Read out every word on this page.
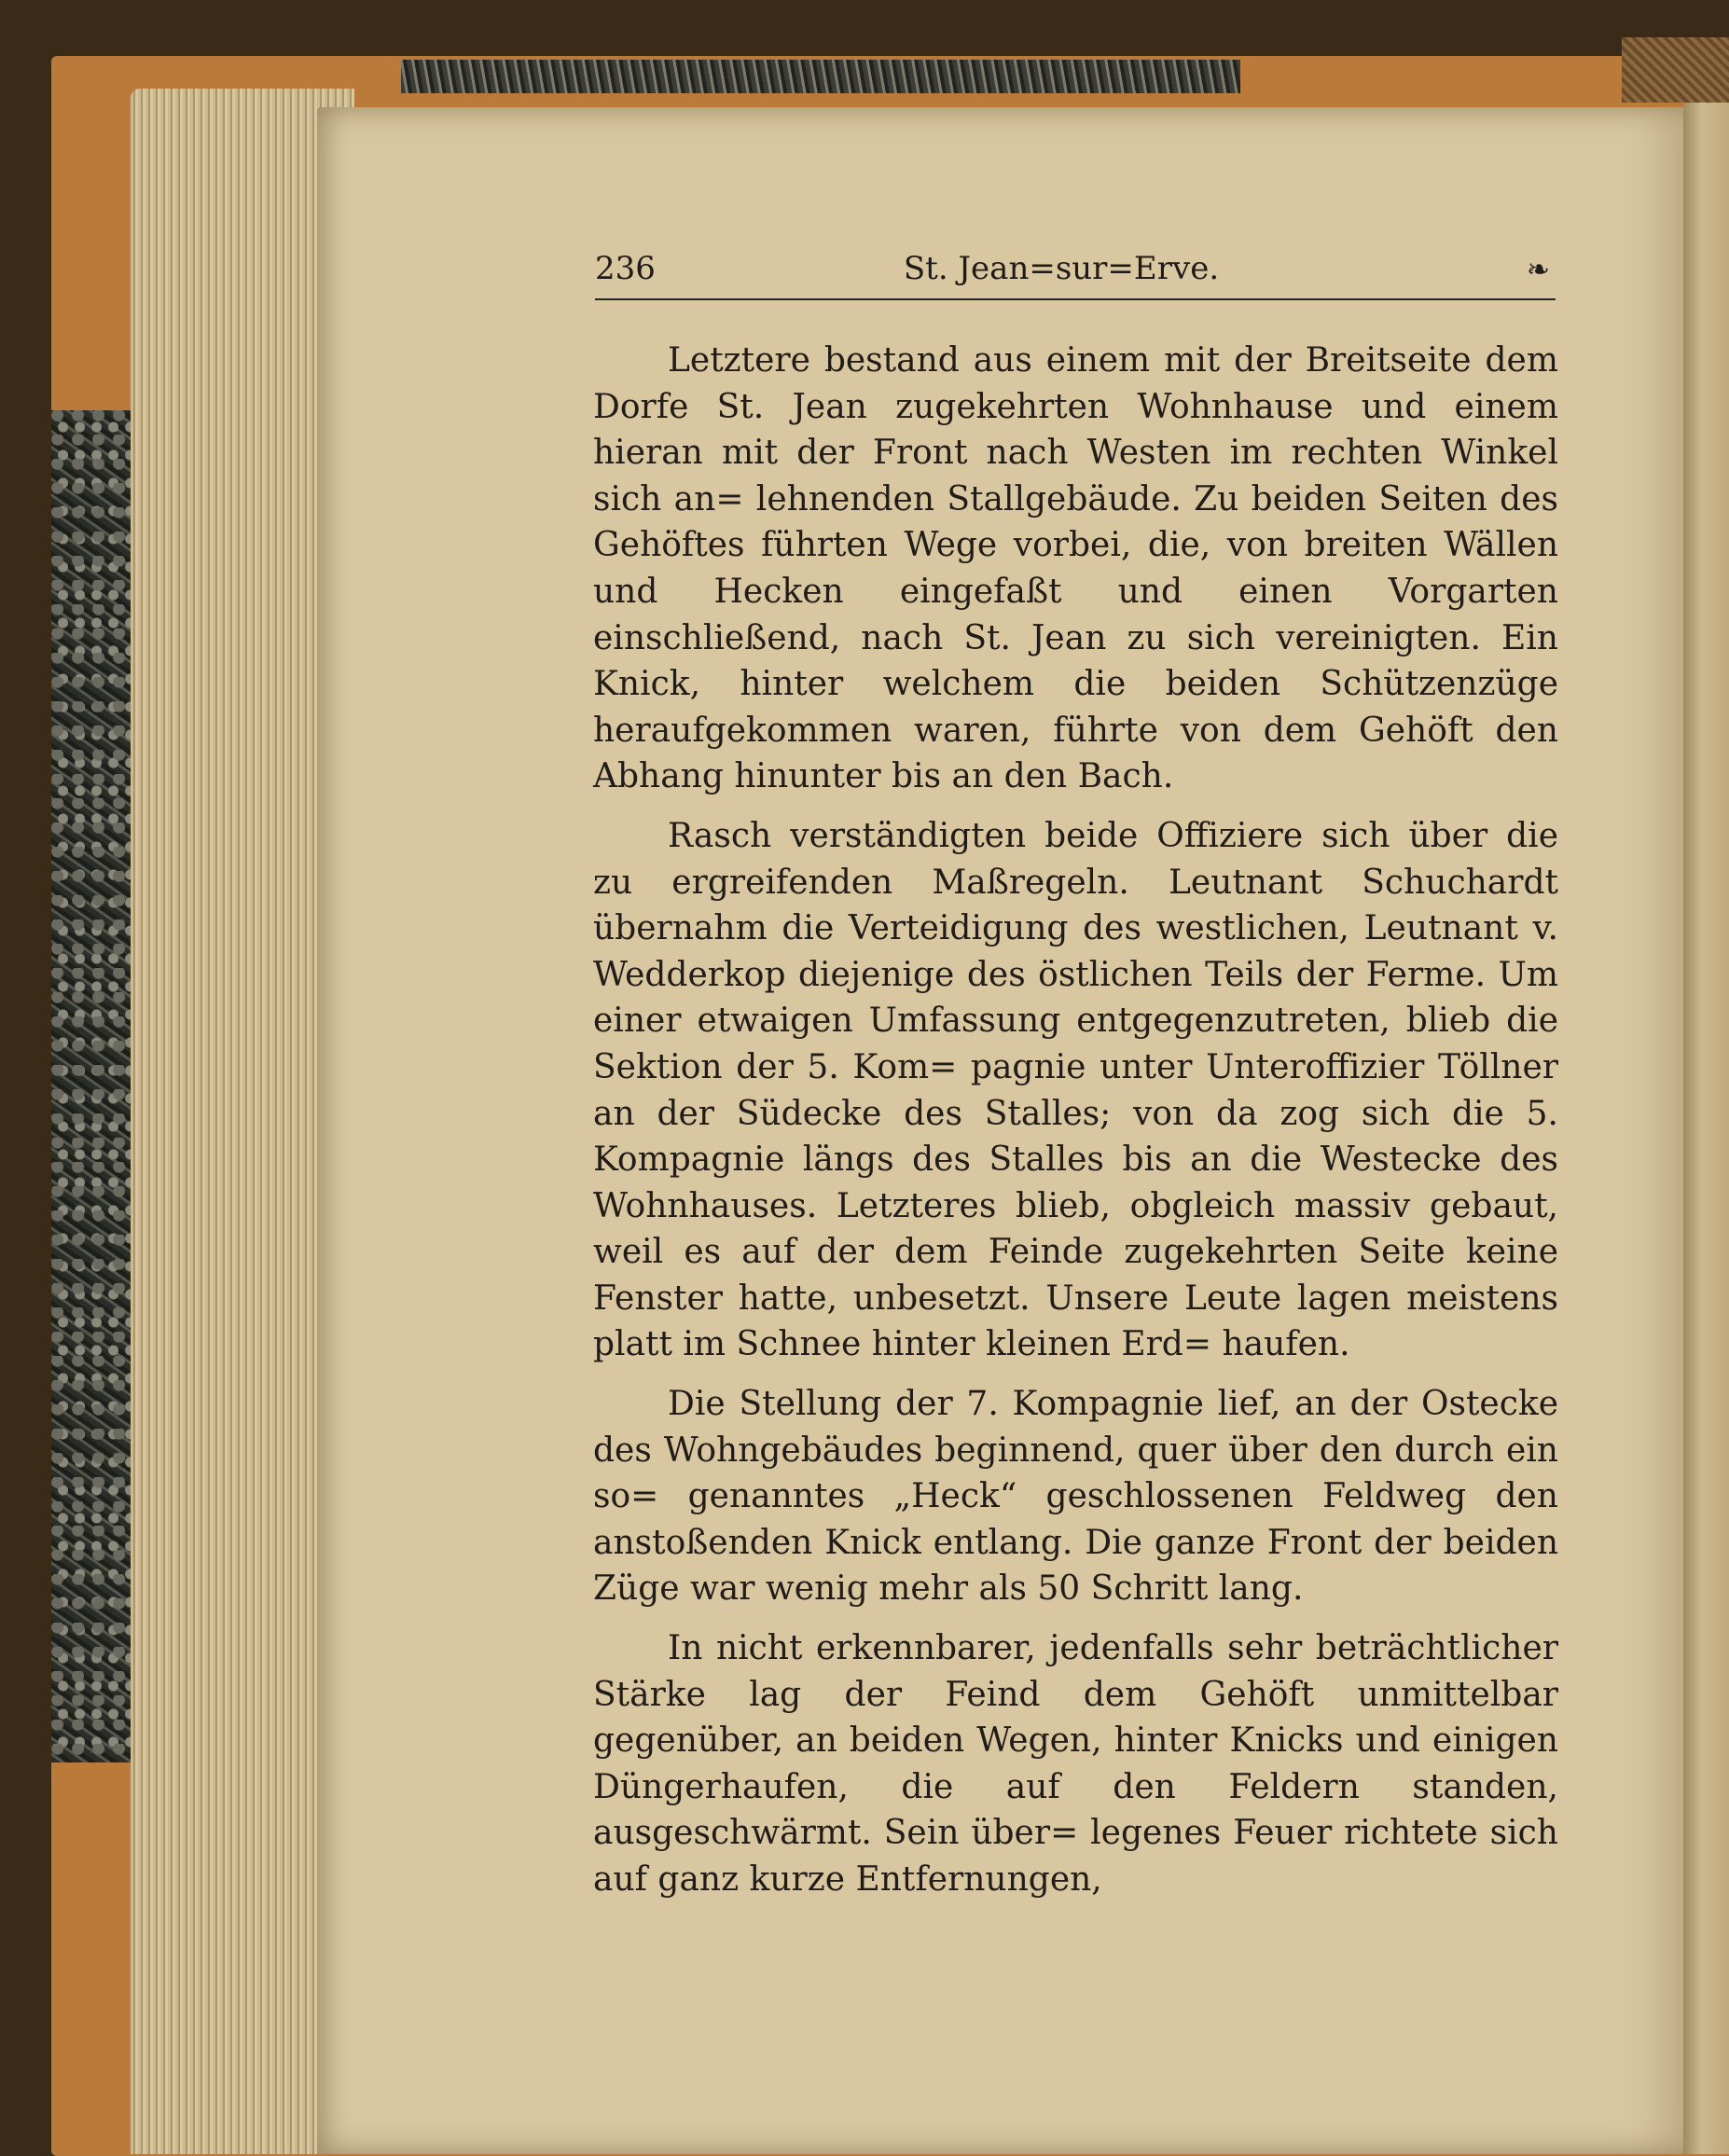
236	St. Jean=sur=Erve.	❧

Letztere bestand aus einem mit der Breitseite dem Dorfe St. Jean zugekehrten Wohnhause und einem hieran mit der Front nach Westen im rechten Winkel sich an= lehnenden Stallgebäude. Zu beiden Seiten des Gehöftes führten Wege vorbei, die, von breiten Wällen und Hecken eingefaßt und einen Vorgarten einschließend, nach St. Jean zu sich vereinigten. Ein Knick, hinter welchem die beiden Schützenzüge heraufgekommen waren, führte von dem Gehöft den Abhang hinunter bis an den Bach.

Rasch verständigten beide Offiziere sich über die zu ergreifenden Maßregeln. Leutnant Schuchardt übernahm die Verteidigung des westlichen, Leutnant v. Wedderkop diejenige des östlichen Teils der Ferme. Um einer etwaigen Umfassung entgegenzutreten, blieb die Sektion der 5. Kom= pagnie unter Unteroffizier Töllner an der Südecke des Stalles; von da zog sich die 5. Kompagnie längs des Stalles bis an die Westecke des Wohnhauses. Letzteres blieb, obgleich massiv gebaut, weil es auf der dem Feinde zugekehrten Seite keine Fenster hatte, unbesetzt. Unsere Leute lagen meistens platt im Schnee hinter kleinen Erd= haufen.

Die Stellung der 7. Kompagnie lief, an der Ostecke des Wohngebäudes beginnend, quer über den durch ein so= genanntes „Heck“ geschlossenen Feldweg den anstoßenden Knick entlang. Die ganze Front der beiden Züge war wenig mehr als 50 Schritt lang.

In nicht erkennbarer, jedenfalls sehr beträchtlicher Stärke lag der Feind dem Gehöft unmittelbar gegenüber, an beiden Wegen, hinter Knicks und einigen Düngerhaufen, die auf den Feldern standen, ausgeschwärmt. Sein über= legenes Feuer richtete sich auf ganz kurze Entfernungen,
